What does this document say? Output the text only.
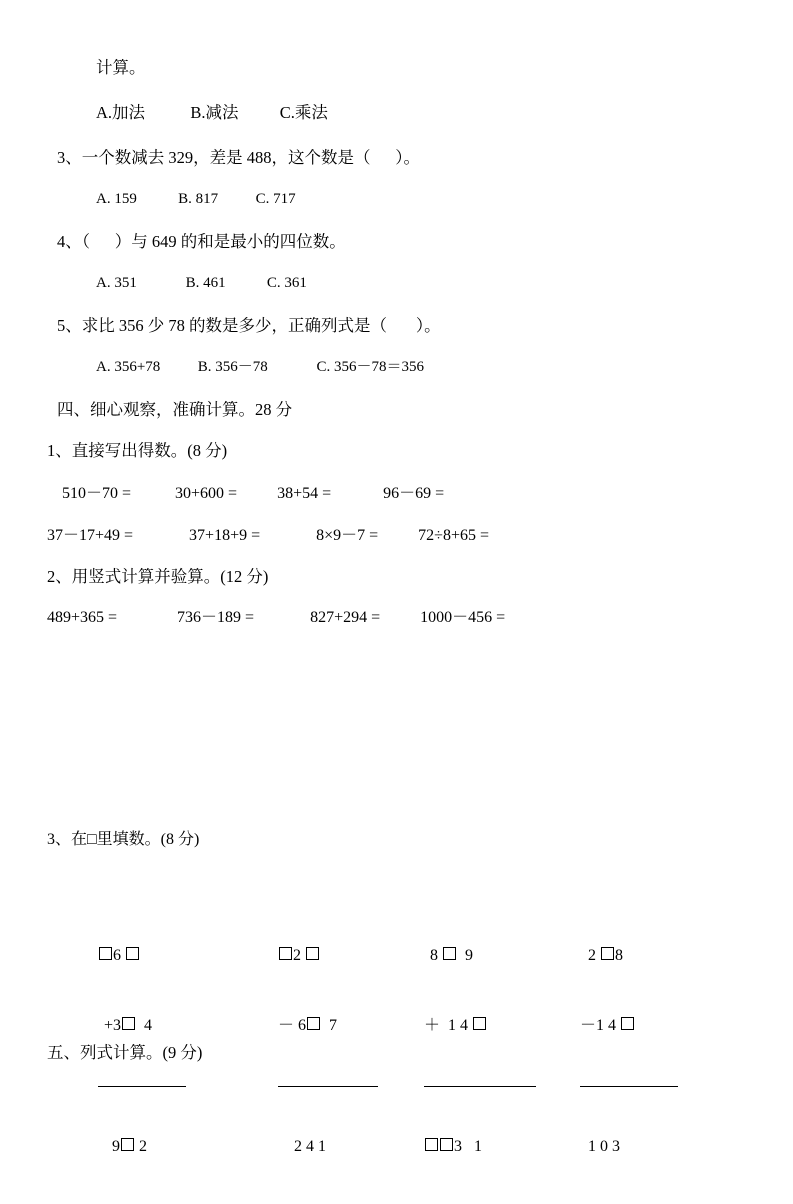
计算。
A.加法           B.减法          C.乘法
3、一个数减去 329，差是 488，这个数是（      ）。
A. 159           B. 817          C. 717
4、（      ）与 649 的和是最小的四位数。
A. 351             B. 461           C. 361
5、求比 356 少 78 的数是多少，正确列式是（       ）。
A. 356+78          B. 356－78             C. 356－78＝356
四、细心观察，准确计算。28 分
1、直接写出得数。(8 分)
510－70 =           30+600 =          38+54 =             96－69 =
37－17+49 =              37+18+9 =              8×9－7 =          72÷8+65 =
2、用竖式计算并验算。(12 分)
489+365 =               736－189 =              827+294 =          1000－456 =
3、在□里填数。(8 分)

6

+3  4

9 2

2

－ 6  7

2 4 1

8   9

＋  1 4

3   1

2 8

－1 4

1 0 3

五、列式计算。(9 分)
